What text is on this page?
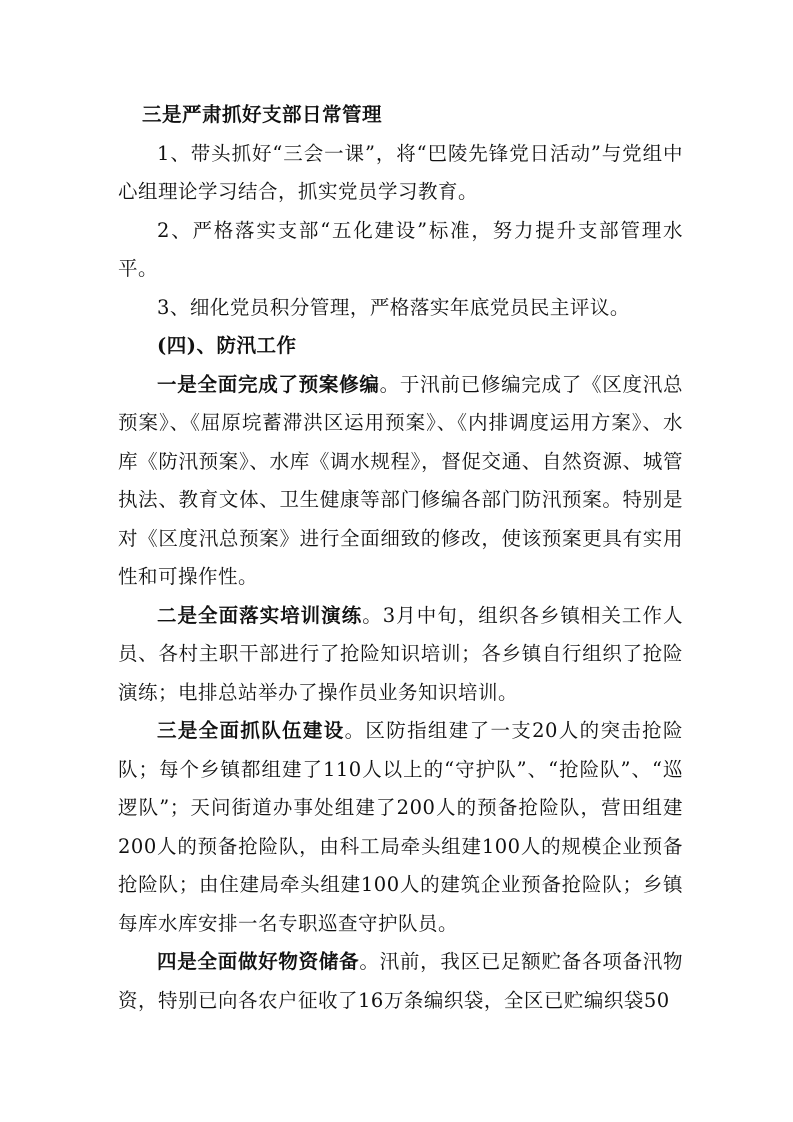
三是严肃抓好支部日常管理

1、带头抓好“三会一课”，将“巴陵先锋党日活动”与党组中心组理论学习结合，抓实党员学习教育。

2、严格落实支部“五化建设”标准，努力提升支部管理水平。

3、细化党员积分管理，严格落实年底党员民主评议。

(四)、防汛工作

一是全面完成了预案修编。于汛前已修编完成了《区度汛总预案》、《屈原垸蓄滞洪区运用预案》、《内排调度运用方案》、水库《防汛预案》、水库《调水规程》，督促交通、自然资源、城管执法、教育文体、卫生健康等部门修编各部门防汛预案。特别是对《区度汛总预案》进行全面细致的修改，使该预案更具有实用性和可操作性。

二是全面落实培训演练。3月中旬，组织各乡镇相关工作人员、各村主职干部进行了抢险知识培训；各乡镇自行组织了抢险演练；电排总站举办了操作员业务知识培训。

三是全面抓队伍建设。区防指组建了一支20人的突击抢险队；每个乡镇都组建了110人以上的“守护队”、“抢险队”、“巡逻队”；天问街道办事处组建了200人的预备抢险队，营田组建200人的预备抢险队，由科工局牵头组建100人的规模企业预备抢险队；由住建局牵头组建100人的建筑企业预备抢险队；乡镇每库水库安排一名专职巡查守护队员。

四是全面做好物资储备。汛前，我区已足额贮备各项备汛物资，特别已向各农户征收了16万条编织袋，全区已贮编织袋50
